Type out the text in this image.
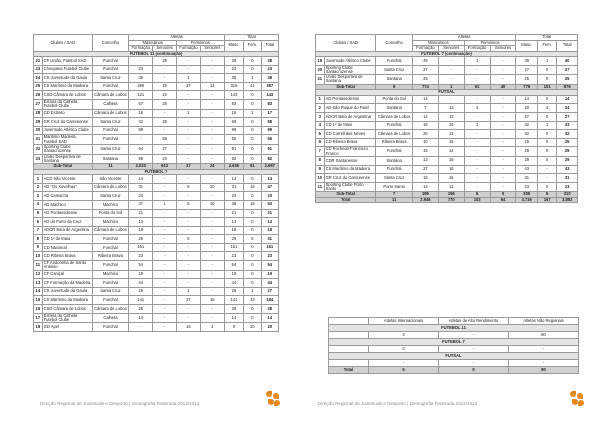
Clubes / SAD		Concelho	Atletas				Total		
			Masculinos		Femininos		Masc.	Fem.	Total
			Formação	Seniores	Formação	Seniores			
FUTEBOL 11 (continuação)									
22	CF União, Futebol SAD	Funchal	-	28	-	-	28	0	28
23	Choupana Futebol Clube	Funchal	23	-	-	-	23	0	23
24	CS Juventude da Gaula	Santa Cruz	35	-	1	-	35	1	36
25	CS Marítimo da Madeira	Funchal	290	26	27	14	316	41	357
26	CSD Câmara de Lobos	Câmara de Lobos	121	22	-	-	143	0	143
27	Estrela da Calheta Futebol Clube	Calheta	57	26	-	-	83	0	83
28	GD Estreito	Câmara de Lobos	16	-	1	-	16	1	17
29	GR Cruz do Caniceense	Santa Cruz	42	26	-	-	68	0	68
30	Juventude Atlético Clube	Funchal	99	-	-	-	99	0	99
31	Marítimo Madeira, Futebol SAD	Funchal	-	55	-	-	55	0	55
32	Sporting Clube Santacruzense	Santa Cruz	64	27	-	-	91	0	91
33	União Desportiva de Santana	Santana	59	23	-	-	82	0	82
Sub-Total		11	2.023	613	27	24	2.636	61	2.697
FUTEBOL 7									
1	ACD São Vicente	São Vicente	14	-	-	-	14	0	14
2	AD "Os Xavelhas"	Câmara de Lobos	31	-	6	10	31	16	47
3	AD Camacha	Santa Cruz	23	-	-	-	23	0	23
4	AD Machico	Machico	37	1	5	10	38	15	53
5	AD Pontassolense	Ponta do Sol	21	-	-	-	21	0	21
6	AD do Porto da Cruz	Machico	13	-	-	-	13	0	13
7	ADCR Baía de Argentina	Câmara de Lobos	18	-	-	-	18	0	18
8	CD 1º de Maio	Funchal	26	-	5	-	26	5	31
9	CD Nacional	Funchal	151	-	-	-	151	0	151
10	CD Ribeira Brava	Ribeira Brava	23	-	-	-	23	0	23
11	CF Andorinha de Santo António	Funchal	54	-	-	-	54	0	54
12	CF Caniçal	Machico	19	-	-	-	19	0	19
13	CF Formação da Madeira	Funchal	44	-	-	-	44	0	44
14	CS Juventude da Gaula	Santa Cruz	26	-	1	-	26	1	27
15	CS Marítimo da Madeira	Funchal	141	-	27	16	141	43	184
16	CSD Câmara de Lobos	Câmara de Lobos	28	-	-	-	28	0	28
17	Estrela da Calheta Futebol Clube	Calheta	14	-	-	-	14	0	14
18	GD Apel	Funchal	-	-	16	4	0	20	20
Direção Regional de Juventude e Desporto | Demografia Federada 2012/2013
Clubes / SAD		Concelho	Atletas				Total		
			Masculinos		Femininos		Masc.	Fem.	Total
			Formação	Seniores	Formação	Seniores			
FUTEBOL 7 (continuação)									
19	Juventude Atlético Clube	Funchal	39	-	1	-	39	1	40
20	Sporting Clube Santacruzense	Santa Cruz	27	-	-	-	27	0	27
21	União Desportiva de Santana	Santana	25	-	-	-	25	0	25
Sub-Total		9	774	1	61	40	775	101	876
FUTSAL									
1	AD Pontassolense	Ponta do Sol	14	-	-	-	14	0	14
2	AD São Roque do Faial	Santana	7	13	4	-	20	4	24
3	ADCR Baía de Argentina	Câmara de Lobos	14	13	-	-	27	0	27
4	CD 1º de Maio	Funchal	16	16	1	-	32	1	33
5	CD Correll das Neves	Câmara de Lobos	20	12	-	-	32	0	32
6	CD Ribeira Brava	Ribeira Brava	10	15	-	-	25	0	25
7	CD Rochedo Francisco Franco	Funchal	15	14	-	-	29	0	29
8	CDR Santanense	Santana	13	16	-	-	29	0	29
9	CS Marítimo da Madeira	Funchal	27	16	-	-	43	-	43
10	GR Cruz do Caniceense	Santa Cruz	15	16	-	-	31	-	31
11	Sporting Clube Porto Santo	Porto Santo	12	11	-	-	23	0	23
Sub-Total		7	199	156	5	0	305	5	310
Total		11	2.946	770	103	64	3.716	167	3.883
	Atletas Internacionais	Atletas de Alto Rendimento	Atletas Não Regionais
FUTEBOL 11			
	3	-	80
FUTEBOL 7			
	2	-	-
FUTSAL			
	-	-	-
Total	5	0	80
Direção Regional de Juventude e Desporto | Demografia Federada 2012/2013
